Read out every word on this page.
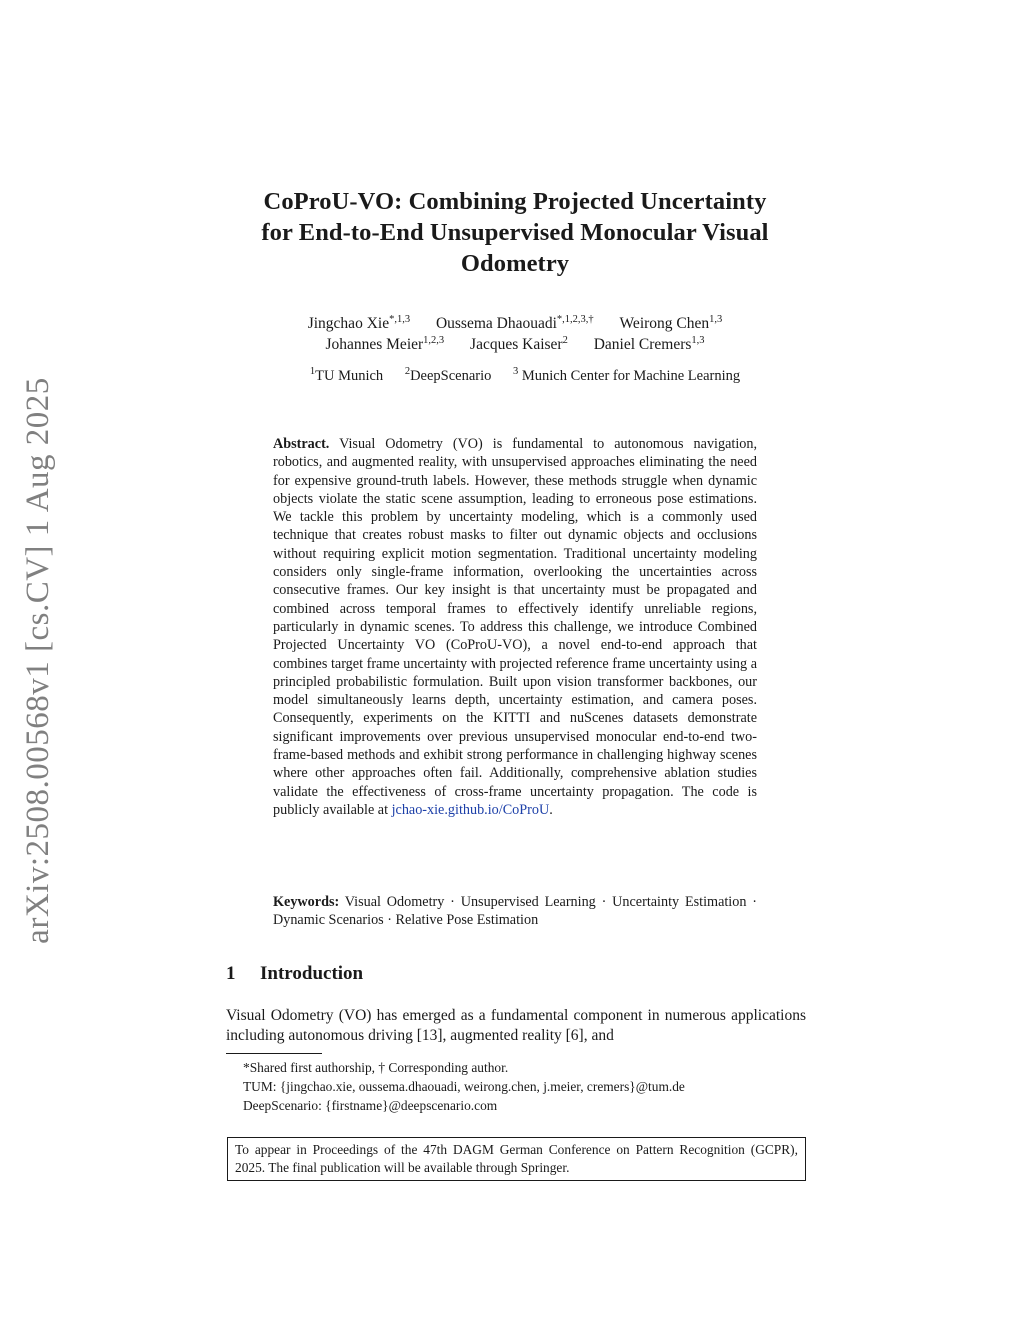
arXiv:2508.00568v1 [cs.CV] 1 Aug 2025
CoProU-VO: Combining Projected Uncertainty
for End-to-End Unsupervised Monocular Visual
Odometry
Jingchao Xie$^{*,1,3}$ Oussema Dhaouadi$^{*,1,2,3,\dagger}$ Weirong Chen$^{1,3}$
Johannes Meier$^{1,2,3}$ Jacques Kaiser$^2$ Daniel Cremers$^{1,3}$
$^1$TU Munich $^2$DeepScenario $^3$ Munich Center for Machine Learning

Abstract. Visual Odometry (VO) is fundamental to autonomous navigation, robotics, and augmented reality, with unsupervised approaches eliminating the need for expensive ground-truth labels. However, these methods struggle when dynamic objects violate the static scene assumption, leading to erroneous pose estimations. We tackle this problem by uncertainty modeling, which is a commonly used technique that creates robust masks to filter out dynamic objects and occlusions without requiring explicit motion segmentation. Traditional uncertainty modeling considers only single-frame information, overlooking the uncertainties across consecutive frames. Our key insight is that uncertainty must be propagated and combined across temporal frames to effectively identify unreliable regions, particularly in dynamic scenes. To address this challenge, we introduce Combined Projected Uncertainty VO (CoProU-VO), a novel end-to-end approach that combines target frame uncertainty with projected reference frame uncertainty using a principled probabilistic formulation. Built upon vision transformer backbones, our model simultaneously learns depth, uncertainty estimation, and camera poses. Consequently, experiments on the KITTI and nuScenes datasets demonstrate significant improvements over previous unsupervised monocular end-to-end two-frame-based methods and exhibit strong performance in challenging highway scenes where other approaches often fail. Additionally, comprehensive ablation studies validate the effectiveness of cross-frame uncertainty propagation. The code is publicly available at jchao-xie.github.io/CoProU.

Keywords: Visual Odometry · Unsupervised Learning · Uncertainty Estimation · Dynamic Scenarios · Relative Pose Estimation

1 Introduction

Visual Odometry (VO) has emerged as a fundamental component in numerous applications including autonomous driving [13], augmented reality [6], and

*Shared first authorship, † Corresponding author.
TUM: {jingchao.xie, oussema.dhaouadi, weirong.chen, j.meier, cremers}@tum.de
DeepScenario: {firstname}@deepscenario.com
To appear in Proceedings of the 47th DAGM German Conference on Pattern Recognition (GCPR), 2025. The final publication will be available through Springer.
